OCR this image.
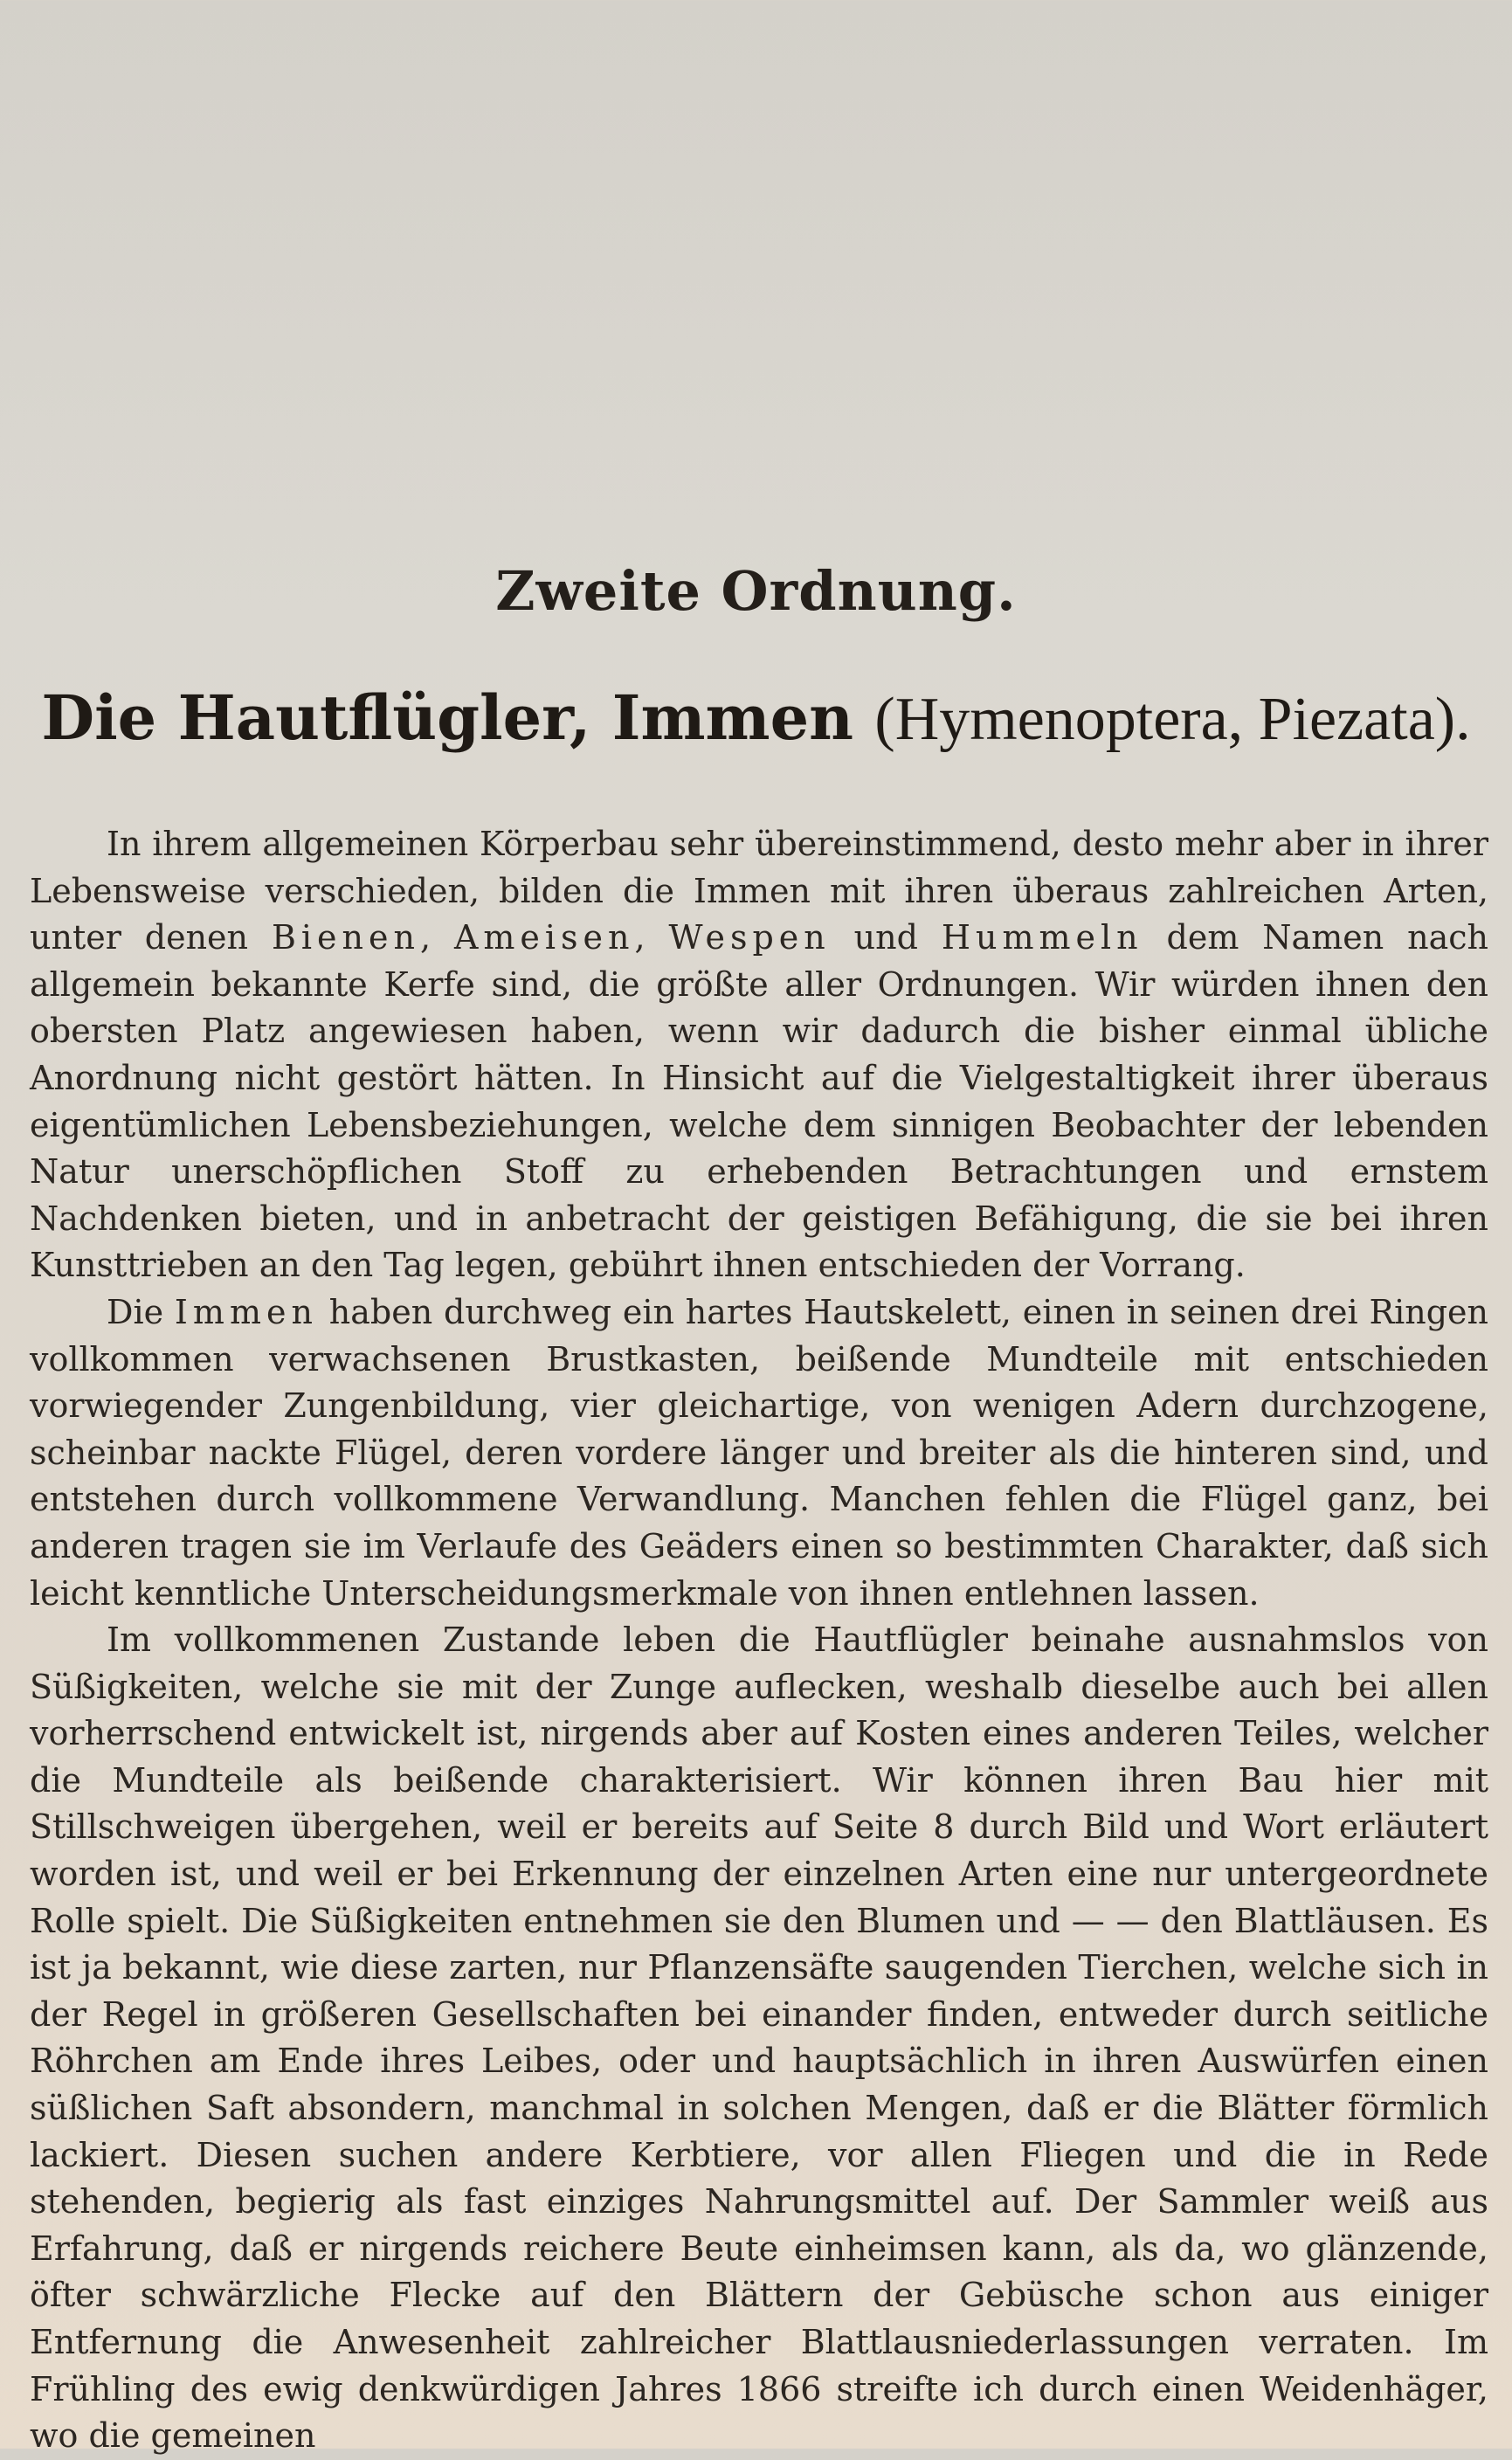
Zweite Ordnung.
Die Hautflügler, Immen (Hymenoptera, Piezata).

In ihrem allgemeinen Körperbau sehr übereinstimmend, desto mehr aber in ihrer Lebensweise verschieden, bilden die Immen mit ihren überaus zahlreichen Arten, unter denen Bienen, Ameisen, Wespen und Hummeln dem Namen nach allgemein bekannte Kerfe sind, die größte aller Ordnungen. Wir würden ihnen den obersten Platz angewiesen haben, wenn wir dadurch die bisher einmal übliche Anordnung nicht gestört hätten. In Hinsicht auf die Vielgestaltigkeit ihrer überaus eigentümlichen Lebensbeziehungen, welche dem sinnigen Beobachter der lebenden Natur unerschöpflichen Stoff zu erhebenden Betrachtungen und ernstem Nachdenken bieten, und in anbetracht der geistigen Befähigung, die sie bei ihren Kunsttrieben an den Tag legen, gebührt ihnen entschieden der Vorrang.

Die Immen haben durchweg ein hartes Hautskelett, einen in seinen drei Ringen vollkommen verwachsenen Brustkasten, beißende Mundteile mit entschieden vorwiegender Zungenbildung, vier gleichartige, von wenigen Adern durchzogene, scheinbar nackte Flügel, deren vordere länger und breiter als die hinteren sind, und entstehen durch vollkommene Verwandlung. Manchen fehlen die Flügel ganz, bei anderen tragen sie im Verlaufe des Geäders einen so bestimmten Charakter, daß sich leicht kenntliche Unterscheidungsmerkmale von ihnen entlehnen lassen.

Im vollkommenen Zustande leben die Hautflügler beinahe ausnahmslos von Süßigkeiten, welche sie mit der Zunge auflecken, weshalb dieselbe auch bei allen vorherrschend entwickelt ist, nirgends aber auf Kosten eines anderen Teiles, welcher die Mundteile als beißende charakterisiert. Wir können ihren Bau hier mit Stillschweigen übergehen, weil er bereits auf Seite 8 durch Bild und Wort erläutert worden ist, und weil er bei Erkennung der einzelnen Arten eine nur untergeordnete Rolle spielt. Die Süßigkeiten entnehmen sie den Blumen und — — den Blattläusen. Es ist ja bekannt, wie diese zarten, nur Pflanzensäfte saugenden Tierchen, welche sich in der Regel in größeren Gesellschaften bei einander finden, entweder durch seitliche Röhrchen am Ende ihres Leibes, oder und hauptsächlich in ihren Auswürfen einen süßlichen Saft absondern, manchmal in solchen Mengen, daß er die Blätter förmlich lackiert. Diesen suchen andere Kerbtiere, vor allen Fliegen und die in Rede stehenden, begierig als fast einziges Nahrungsmittel auf. Der Sammler weiß aus Erfahrung, daß er nirgends reichere Beute einheimsen kann, als da, wo glänzende, öfter schwärzliche Flecke auf den Blättern der Gebüsche schon aus einiger Entfernung die Anwesenheit zahlreicher Blattlausniederlassungen verraten. Im Frühling des ewig denkwürdigen Jahres 1866 streifte ich durch einen Weidenhäger, wo die gemeinen
